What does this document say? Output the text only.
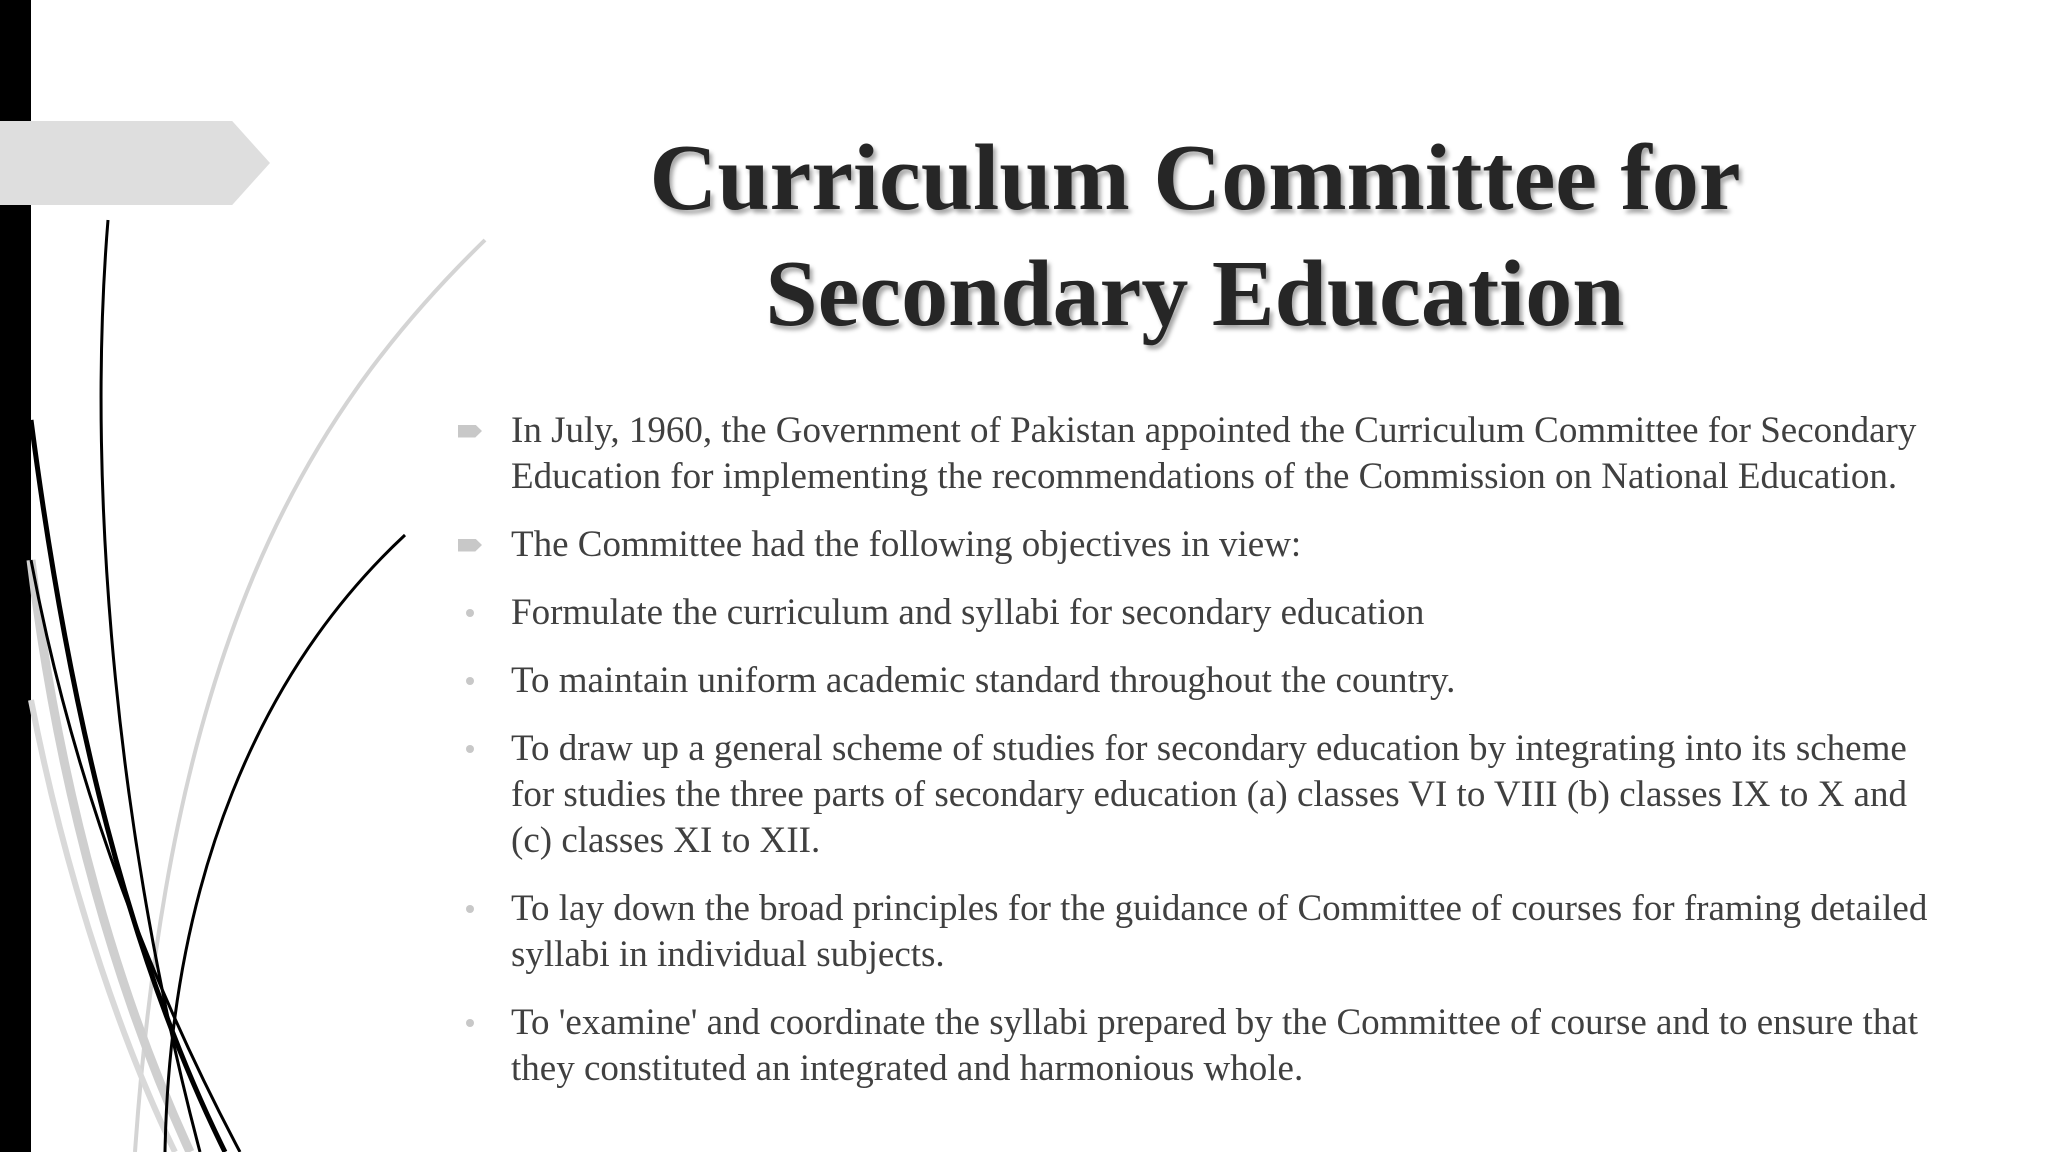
Curriculum Committee for
Secondary Education
In July, 1960, the Government of Pakistan appointed the Curriculum Committee for Secondary Education for implementing the recommendations of the Commission on National Education.
The Committee had the following objectives in view:
Formulate the curriculum and syllabi for secondary education
To maintain uniform academic standard throughout the country.
To draw up a general scheme of studies for secondary education by integrating into its scheme for studies the three parts of secondary education (a) classes VI to VIII (b) classes IX to X and (c) classes XI to XII.
To lay down the broad principles for the guidance of Committee of courses for framing detailed syllabi in individual subjects.
To 'examine' and coordinate the syllabi prepared by the Committee of course and to ensure that they constituted an integrated and harmonious whole.
